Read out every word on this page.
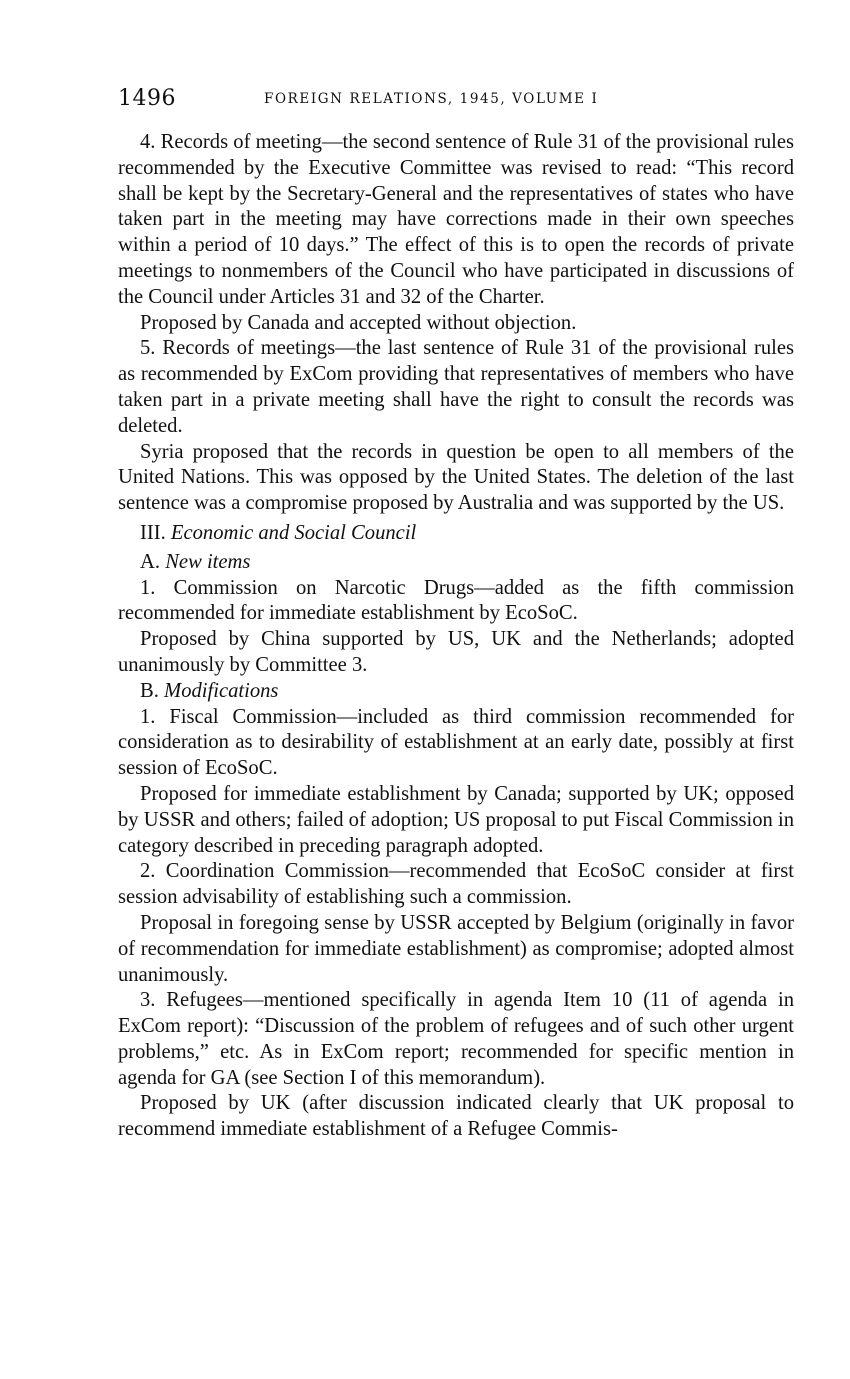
1496	FOREIGN RELATIONS, 1945, VOLUME I

4. Records of meeting—the second sentence of Rule 31 of the provisional rules recommended by the Executive Committee was revised to read: “This record shall be kept by the Secretary-General and the representatives of states who have taken part in the meeting may have corrections made in their own speeches within a period of 10 days.” The effect of this is to open the records of private meetings to nonmembers of the Council who have participated in discussions of the Council under Articles 31 and 32 of the Charter.

Proposed by Canada and accepted without objection.

5. Records of meetings—the last sentence of Rule 31 of the provisional rules as recommended by ExCom providing that representatives of members who have taken part in a private meeting shall have the right to consult the records was deleted.

Syria proposed that the records in question be open to all members of the United Nations. This was opposed by the United States. The deletion of the last sentence was a compromise proposed by Australia and was supported by the US.

III. Economic and Social Council

A. New items

1. Commission on Narcotic Drugs—added as the fifth commission recommended for immediate establishment by EcoSoC.

Proposed by China supported by US, UK and the Netherlands; adopted unanimously by Committee 3.

B. Modifications

1. Fiscal Commission—included as third commission recommended for consideration as to desirability of establishment at an early date, possibly at first session of EcoSoC.

Proposed for immediate establishment by Canada; supported by UK; opposed by USSR and others; failed of adoption; US proposal to put Fiscal Commission in category described in preceding paragraph adopted.

2. Coordination Commission—recommended that EcoSoC consider at first session advisability of establishing such a commission.

Proposal in foregoing sense by USSR accepted by Belgium (originally in favor of recommendation for immediate establishment) as compromise; adopted almost unanimously.

3. Refugees—mentioned specifically in agenda Item 10 (11 of agenda in ExCom report): “Discussion of the problem of refugees and of such other urgent problems,” etc. As in ExCom report; recommended for specific mention in agenda for GA (see Section I of this memorandum).

Proposed by UK (after discussion indicated clearly that UK proposal to recommend immediate establishment of a Refugee Commis-
